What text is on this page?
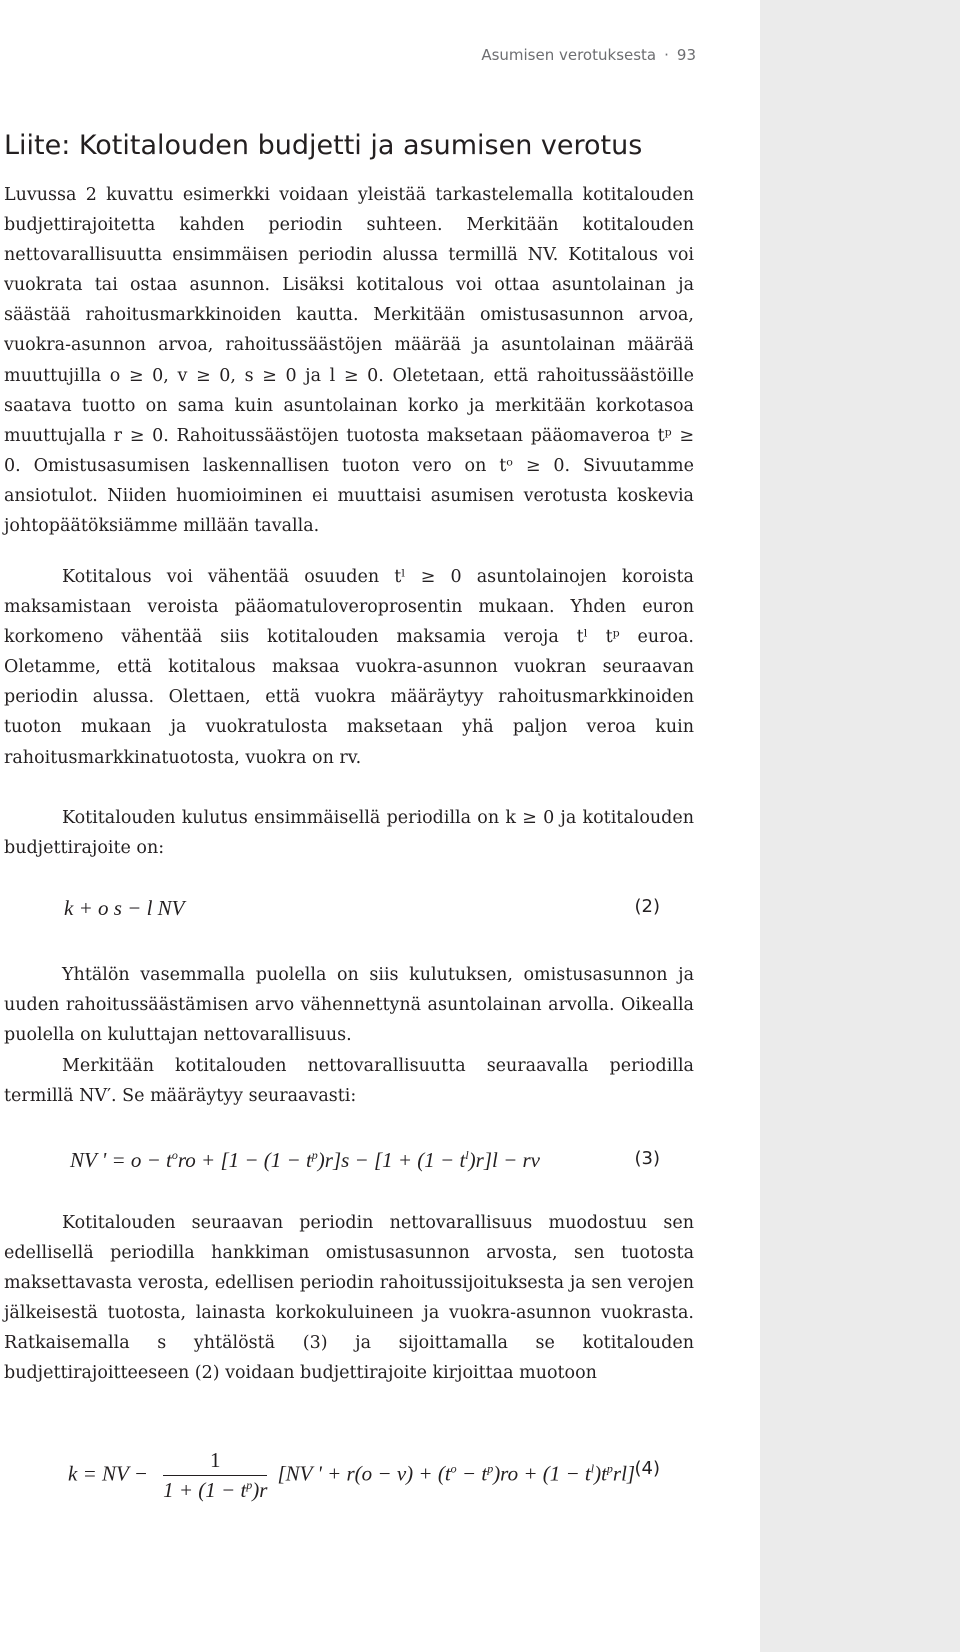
Asumisen verotuksesta · 93
Liite: Kotitalouden budjetti ja asumisen verotus

Luvussa 2 kuvattu esimerkki voidaan yleistää tarkastelemalla kotitalouden budjettirajoitetta kahden periodin suhteen. Merkitään kotitalouden nettovarallisuutta ensimmäisen periodin alussa termillä NV. Kotitalous voi vuokrata tai ostaa asunnon. Lisäksi kotitalous voi ottaa asuntolainan ja säästää rahoitusmarkkinoiden kautta. Merkitään omistusasunnon arvoa, vuokra-asunnon arvoa, rahoitussäästöjen määrää ja asuntolainan määrää muuttujilla o ≥ 0, v ≥ 0, s ≥ 0 ja l ≥ 0. Oletetaan, että rahoitussäästöille saatava tuotto on sama kuin asuntolainan korko ja merkitään korkotasoa muuttujalla r ≥ 0. Rahoitussäästöjen tuotosta maksetaan pääomaveroa tᵖ ≥ 0. Omistusasumisen laskennallisen tuoton vero on tᵒ ≥ 0. Sivuutamme ansiotulot. Niiden huomioiminen ei muuttaisi asumisen verotusta koskevia johtopäätöksiämme millään tavalla.

Kotitalous voi vähentää osuuden tˡ ≥ 0 asuntolainojen koroista maksamistaan veroista pääomatuloveroprosentin mukaan. Yhden euron korkomeno vähentää siis kotitalouden maksamia veroja tˡ tᵖ euroa. Oletamme, että kotitalous maksaa vuokra-asunnon vuokran seuraavan periodin alussa. Olettaen, että vuokra määräytyy rahoitusmarkkinoiden tuoton mukaan ja vuokratulosta maksetaan yhä paljon veroa kuin rahoitusmarkkinatuotosta, vuokra on rv.

Kotitalouden kulutus ensimmäisellä periodilla on k ≥ 0 ja kotitalouden budjettirajoite on:

k + o s − l NV	(2)

Yhtälön vasemmalla puolella on siis kulutuksen, omistusasunnon ja uuden rahoitussäästämisen arvo vähennettynä asuntolainan arvolla. Oikealla puolella on kuluttajan nettovarallisuus.

Merkitään kotitalouden nettovarallisuutta seuraavalla periodilla termillä NV′. Se määräytyy seuraavasti:

NV ' = $o - t^oro + [1 - (1 - t^p)r]s - [1 + (1 - t^l)r]l$ − rv	(3)

Kotitalouden seuraavan periodin nettovarallisuus muodostuu sen edellisellä periodilla hankkiman omistusasunnon arvosta, sen tuotosta maksettavasta verosta, edellisen periodin rahoitussijoituksesta ja sen verojen jälkeisestä tuotosta, lainasta korkokuluineen ja vuokra-asunnon vuokrasta. Ratkaisemalla s yhtälöstä (3) ja sijoittamalla se kotitalouden budjettirajoitteeseen (2) voidaan budjettirajoite kirjoittaa muotoon

k = NV − $\frac{1}{1 + (1 - t^p)r} [NV$ ' + $r(o - v) + (t^o - t^p)ro + (1 - t^l)t^prl$] (4)
